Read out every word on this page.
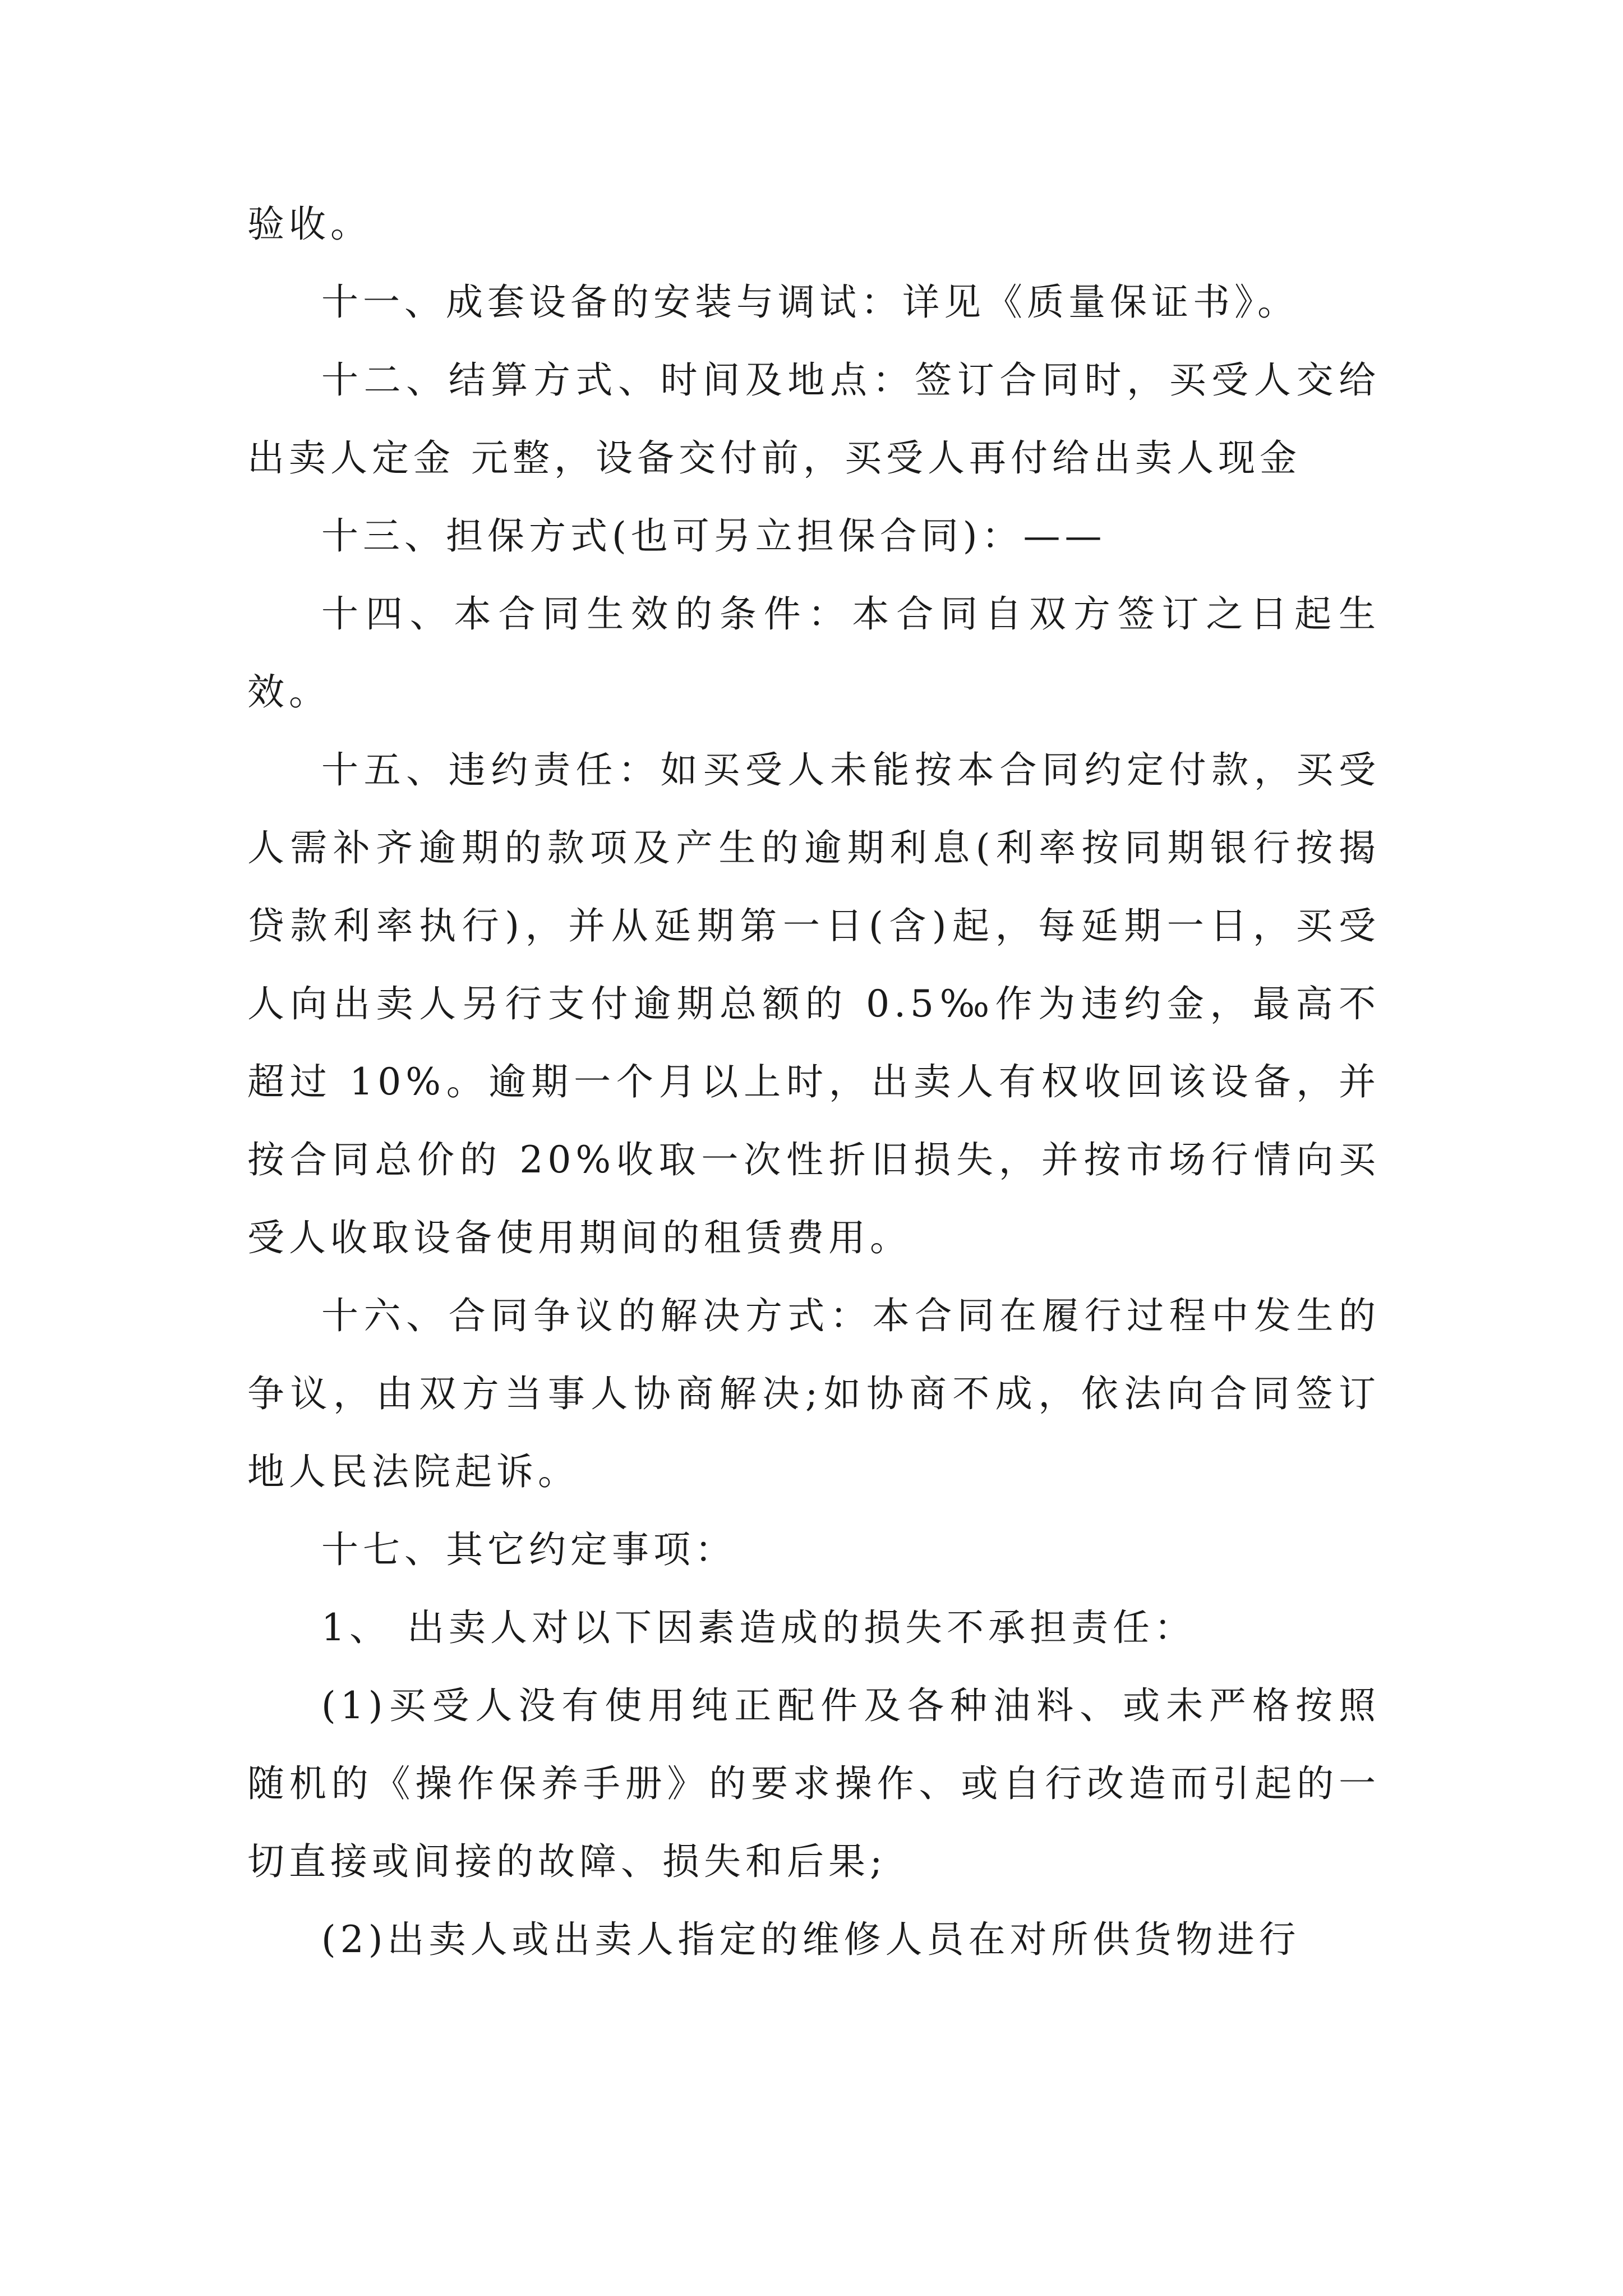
验收。

十一、成套设备的安装与调试：详见《质量保证书》。

十二、结算方式、时间及地点：签订合同时，买受人交给出卖人定金 元整，设备交付前，买受人再付给出卖人现金

十三、担保方式(也可另立担保合同)：——

十四、本合同生效的条件：本合同自双方签订之日起生效。

十五、违约责任：如买受人未能按本合同约定付款，买受人需补齐逾期的款项及产生的逾期利息(利率按同期银行按揭贷款利率执行)，并从延期第一日(含)起，每延期一日，买受人向出卖人另行支付逾期总额的 0.5‰作为违约金，最高不超过 10%。逾期一个月以上时，出卖人有权收回该设备，并按合同总价的 20%收取一次性折旧损失，并按市场行情向买受人收取设备使用期间的租赁费用。

十六、合同争议的解决方式：本合同在履行过程中发生的争议，由双方当事人协商解决;如协商不成，依法向合同签订地人民法院起诉。

十七、其它约定事项：

1、 出卖人对以下因素造成的损失不承担责任：

(1)买受人没有使用纯正配件及各种油料、或未严格按照随机的《操作保养手册》的要求操作、或自行改造而引起的一切直接或间接的故障、损失和后果;

(2)出卖人或出卖人指定的维修人员在对所供货物进行
